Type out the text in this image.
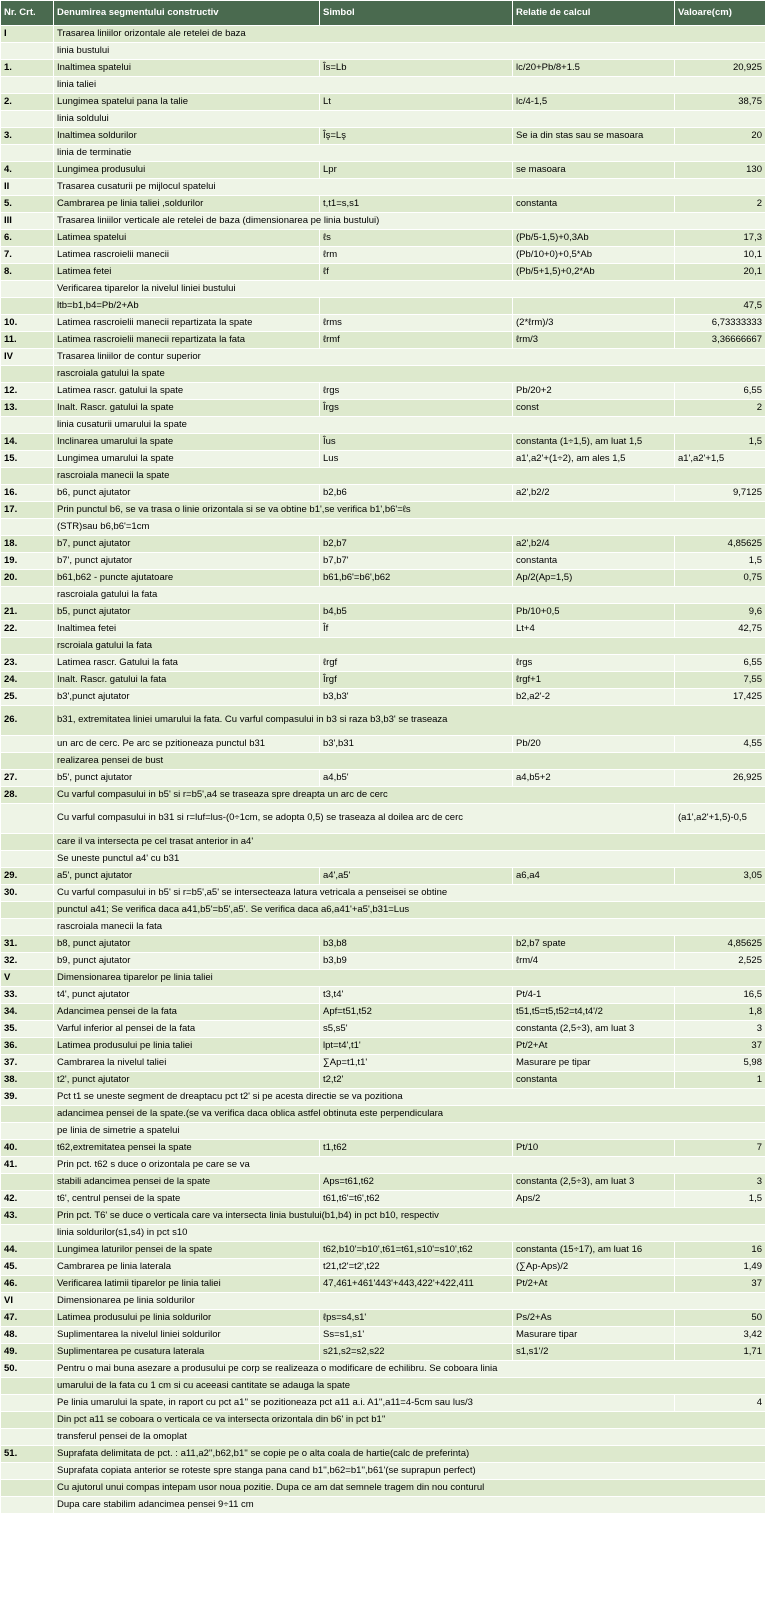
Nr. Crt.	Denumirea segmentului constructiv	Simbol	Relatie de calcul	Valoare(cm)
I	Trasarea liniilor orizontale ale retelei de baza			
	linia bustului			
1.	Inaltimea spatelui	Îs=Lb	lc/20+Pb/8+1.5	20,925
	linia taliei			
2.	Lungimea spatelui pana la talie	Lt	lc/4-1,5	38,75
	linia soldului			
3.	Inaltimea soldurilor	Îş=Lş	Se ia din stas sau se masoara	20
	linia de terminatie			
4.	Lungimea produsului	Lpr	se masoara	130
II	Trasarea cusaturii pe mijlocul spatelui			
5.	Cambrarea pe linia taliei ,soldurilor	t,t1=s,s1	constanta	2
III	Trasarea liniilor verticale ale retelei de baza (dimensionarea pe linia bustului)			
6.	Latimea spatelui	ℓs	(Pb/5-1,5)+0,3Ab	17,3
7.	Latimea rascroielii manecii	ℓrm	(Pb/10+0)+0,5*Ab	10,1
8.	Latimea fetei	ℓf	(Pb/5+1,5)+0,2*Ab	20,1
	Verificarea tiparelor la nivelul liniei bustului			
	ltb=b1,b4=Pb/2+Ab			47,5
10.	Latimea rascroielii manecii repartizata la spate	ℓrms	(2*ℓrm)/3	6,73333333
11.	Latimea rascroielii manecii repartizata la fata	ℓrmf	ℓrm/3	3,36666667
IV	Trasarea liniilor de contur superior			
	rascroiala gatului la spate			
12.	Latimea rascr. gatului la spate	ℓrgs	Pb/20+2	6,55
13.	Inalt. Rascr. gatului la spate	Îrgs	const	2
	linia cusaturii umarului la spate			
14.	Inclinarea umarului la spate	Îus	constanta (1÷1,5), am luat 1,5	1,5
15.	Lungimea umarului la spate	Lus	a1',a2'+(1÷2), am ales 1,5	a1',a2'+1,5
	rascroiala manecii la spate			
16.	b6, punct ajutator	b2,b6	a2',b2/2	9,7125
17.	Prin punctul b6, se va trasa o linie orizontala si se va obtine b1',se verifica b1',b6'=ℓs			
	(STR)sau b6,b6'=1cm			
18.	b7, punct ajutator	b2,b7	a2',b2/4	4,85625
19.	b7', punct ajutator	b7,b7'	constanta	1,5
20.	b61,b62 - puncte ajutatoare	b61,b6'=b6',b62	Ap/2(Ap=1,5)	0,75
	rascroiala gatului la fata			
21.	b5, punct ajutator	b4,b5	Pb/10+0,5	9,6
22.	Inaltimea fetei	Îf	Lt+4	42,75
	rscroiala gatului la fata			
23.	Latimea rascr. Gatului la fata	ℓrgf	ℓrgs	6,55
24.	Inalt. Rascr. gatului la fata	Îrgf	ℓrgf+1	7,55
25.	b3',punct ajutator	b3,b3'	b2,a2'-2	17,425
26.	b31, extremitatea liniei umarului la fata. Cu varful compasului in b3 si raza b3,b3' se traseaza			
	un arc de cerc. Pe arc se pzitioneaza punctul b31	b3',b31	Pb/20	4,55
	realizarea pensei de bust			
27.	b5', punct ajutator	a4,b5'	a4,b5+2	26,925
28.	Cu varful compasului in b5' si r=b5',a4 se traseaza spre dreapta un arc de cerc			
	Cu varful compasului in b31 si r=luf=lus-(0÷1cm, se adopta 0,5) se traseaza al doilea arc de cerc			(a1',a2'+1,5)-0,5
	care il va intersecta pe cel trasat anterior in a4'			
	Se uneste punctul a4' cu b31			
29.	a5', punct ajutator	a4',a5'	a6,a4	3,05
30.	Cu varful compasului in b5' si r=b5',a5' se intersecteaza latura vetricala a penseisei se obtine			
	punctul a41; Se verifica daca a41,b5'=b5',a5'. Se verifica daca a6,a41'+a5',b31=Lus			
	rascroiala manecii la fata			
31.	b8, punct ajutator	b3,b8	b2,b7 spate	4,85625
32.	b9, punct ajutator	b3,b9	ℓrm/4	2,525
V	Dimensionarea tiparelor pe linia taliei			
33.	t4', punct ajutator	t3,t4'	Pt/4-1	16,5
34.	Adancimea pensei de la fata	Apf=t51,t52	t51,t5=t5,t52=t4,t4'/2	1,8
35.	Varful inferior al pensei de la fata	s5,s5'	constanta (2,5÷3), am luat 3	3
36.	Latimea produsului pe linia taliei	lpt=t4',t1'	Pt/2+At	37
37.	Cambrarea la nivelul taliei	∑Ap=t1,t1'	Masurare pe tipar	5,98
38.	t2', punct ajutator	t2,t2'	constanta	1
39.	Pct t1 se uneste segment de dreaptacu pct t2' si pe acesta directie se va pozitiona			
	adancimea pensei de la spate.(se va verifica daca oblica astfel obtinuta este perpendiculara			
	pe linia de simetrie a spatelui			
40.	t62,extremitatea pensei la spate	t1,t62	Pt/10	7
41.	Prin pct. t62 s duce o orizontala pe care se va			
	stabili adancimea pensei de la spate	Aps=t61,t62	constanta (2,5÷3), am luat 3	3
42.	t6', centrul pensei de la spate	t61,t6'=t6',t62	Aps/2	1,5
43.	Prin pct. T6' se duce o verticala care va intersecta linia bustului(b1,b4) in pct b10, respectiv			
	linia soldurilor(s1,s4) in pct s10			
44.	Lungimea laturilor pensei de la spate	t62,b10'=b10',t61=t61,s10'=s10',t62	constanta (15÷17), am luat 16	16
45.	Cambrarea pe linia laterala	t21,t2'=t2',t22	(∑Ap-Aps)/2	1,49
46.	Verificarea latimii tiparelor pe linia taliei	47,461+461'443'+443,422'+422,411	Pt/2+At	37
VI	Dimensionarea pe linia soldurilor			
47.	Latimea produsului pe linia soldurilor	ℓps=s4,s1'	Ps/2+As	50
48.	Suplimentarea la nivelul liniei soldurilor	Ss=s1,s1'	Masurare tipar	3,42
49.	Suplimentarea pe cusatura laterala	s21,s2=s2,s22	s1,s1'/2	1,71
50.	Pentru o mai buna asezare a produsului pe corp se realizeaza o modificare de echilibru. Se coboara linia			
	umarului de la fata cu 1 cm si cu aceeasi cantitate se adauga la spate			
	Pe linia umarului la spate, in raport cu pct a1'' se pozitioneaza pct a11 a.i. A1'',a11=4-5cm sau lus/3			4
	Din pct a11 se coboara o verticala ce va intersecta orizontala din b6' in pct b1''			
	transferul pensei de la omoplat			
51.	Suprafata delimitata de pct. : a11,a2'',b62,b1'' se copie pe o alta coala de hartie(calc de preferinta)			
	Suprafata copiata anterior se roteste spre stanga pana cand b1'',b62=b1'',b61'(se suprapun perfect)			
	Cu ajutorul unui compas intepam usor noua pozitie. Dupa ce am dat semnele tragem din nou conturul			
	Dupa care stabilim adancimea pensei 9÷11 cm			
